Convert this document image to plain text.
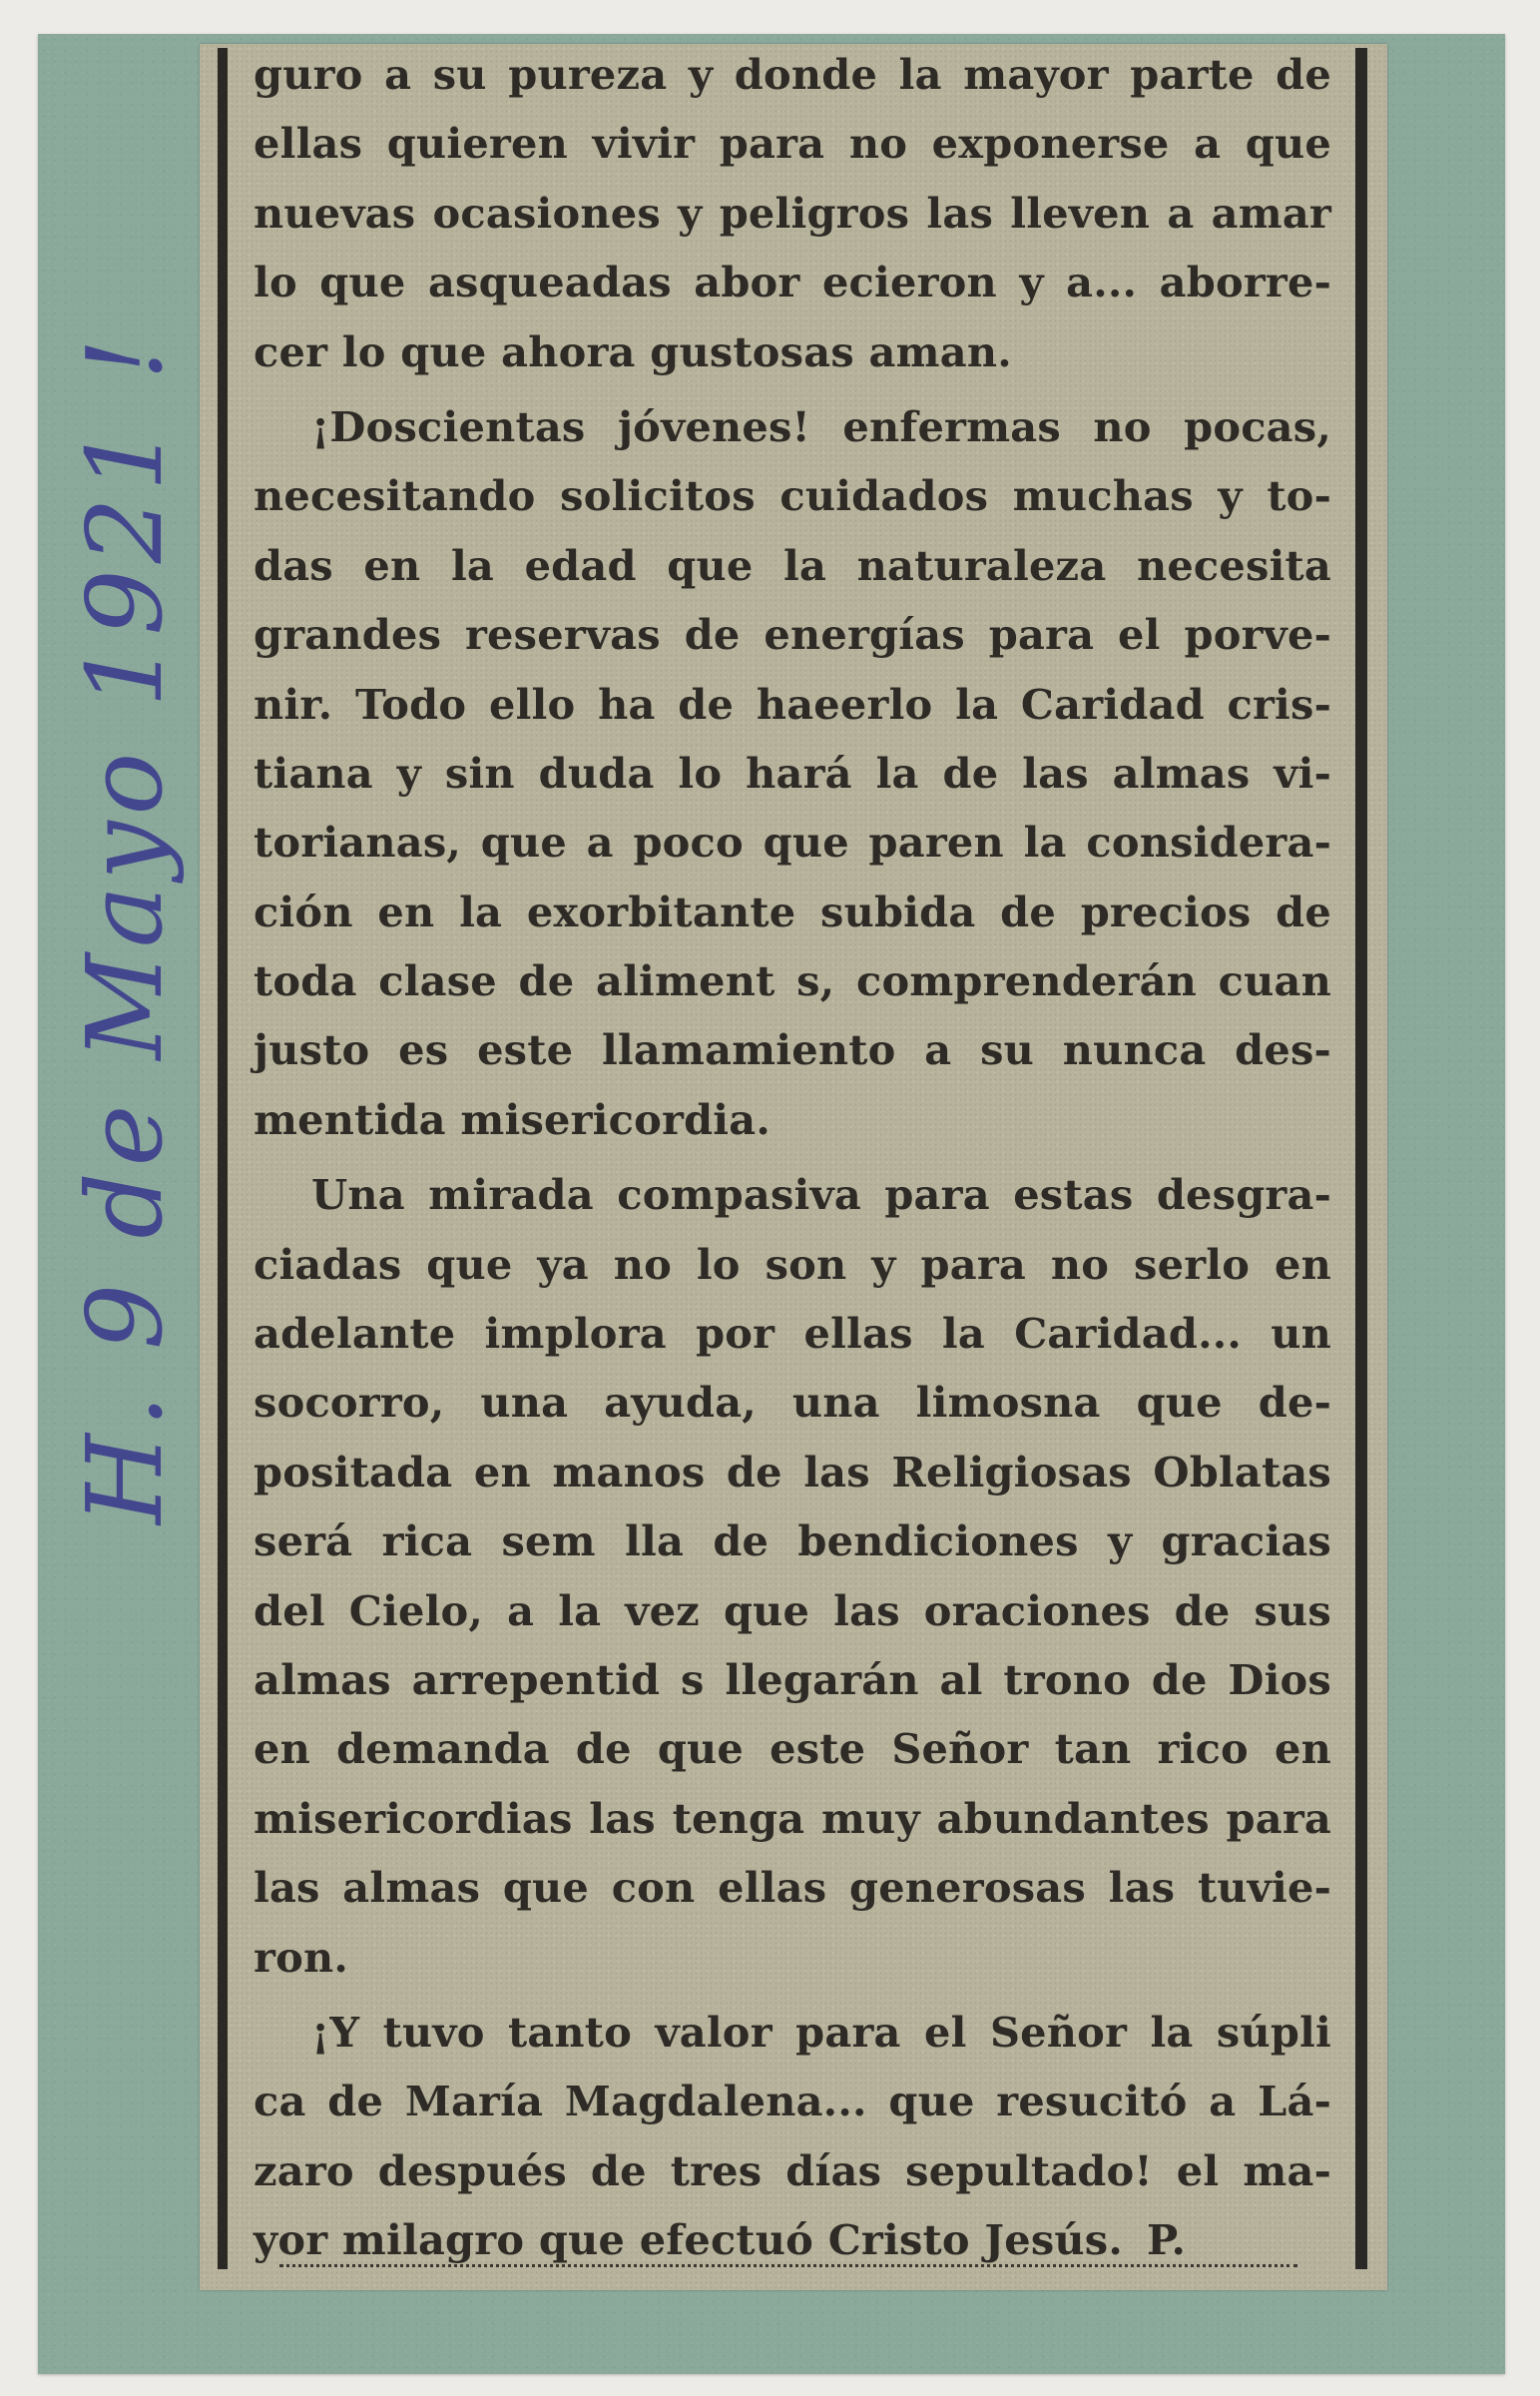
H. 9 de Mayo 1921 !
guro a su pureza y donde la mayor parte de
ellas quieren vivir para no exponerse a que
nuevas ocasiones y peligros las lleven a amar
lo que asqueadas abor ecieron y a... aborre-
cer lo que ahora gustosas aman.
¡Doscientas jóvenes! enfermas no pocas,
necesitando solicitos cuidados muchas y to-
das en la edad que la naturaleza necesita
grandes reservas de energías para el porve-
nir. Todo ello ha de haeerlo la Caridad cris-
tiana y sin duda lo hará la de las almas vi-
torianas, que a poco que paren la considera-
ción en la exorbitante subida de precios de
toda clase de aliment s, comprenderán cuan
justo es este llamamiento a su nunca des-
mentida misericordia.
Una mirada compasiva para estas desgra-
ciadas que ya no lo son y para no serlo en
adelante implora por ellas la Caridad... un
socorro, una ayuda, una limosna que de-
positada en manos de las Religiosas Oblatas
será rica sem lla de bendiciones y gracias
del Cielo, a la vez que las oraciones de sus
almas arrepentid s llegarán al trono de Dios
en demanda de que este Señor tan rico en
misericordias las tenga muy abundantes para
las almas que con ellas generosas las tuvie-
ron.
¡Y tuvo tanto valor para el Señor la súpli
ca de María Magdalena... que resucitó a Lá-
zaro después de tres días sepultado! el ma-
yor milagro que efectuó Cristo Jesús. P.
